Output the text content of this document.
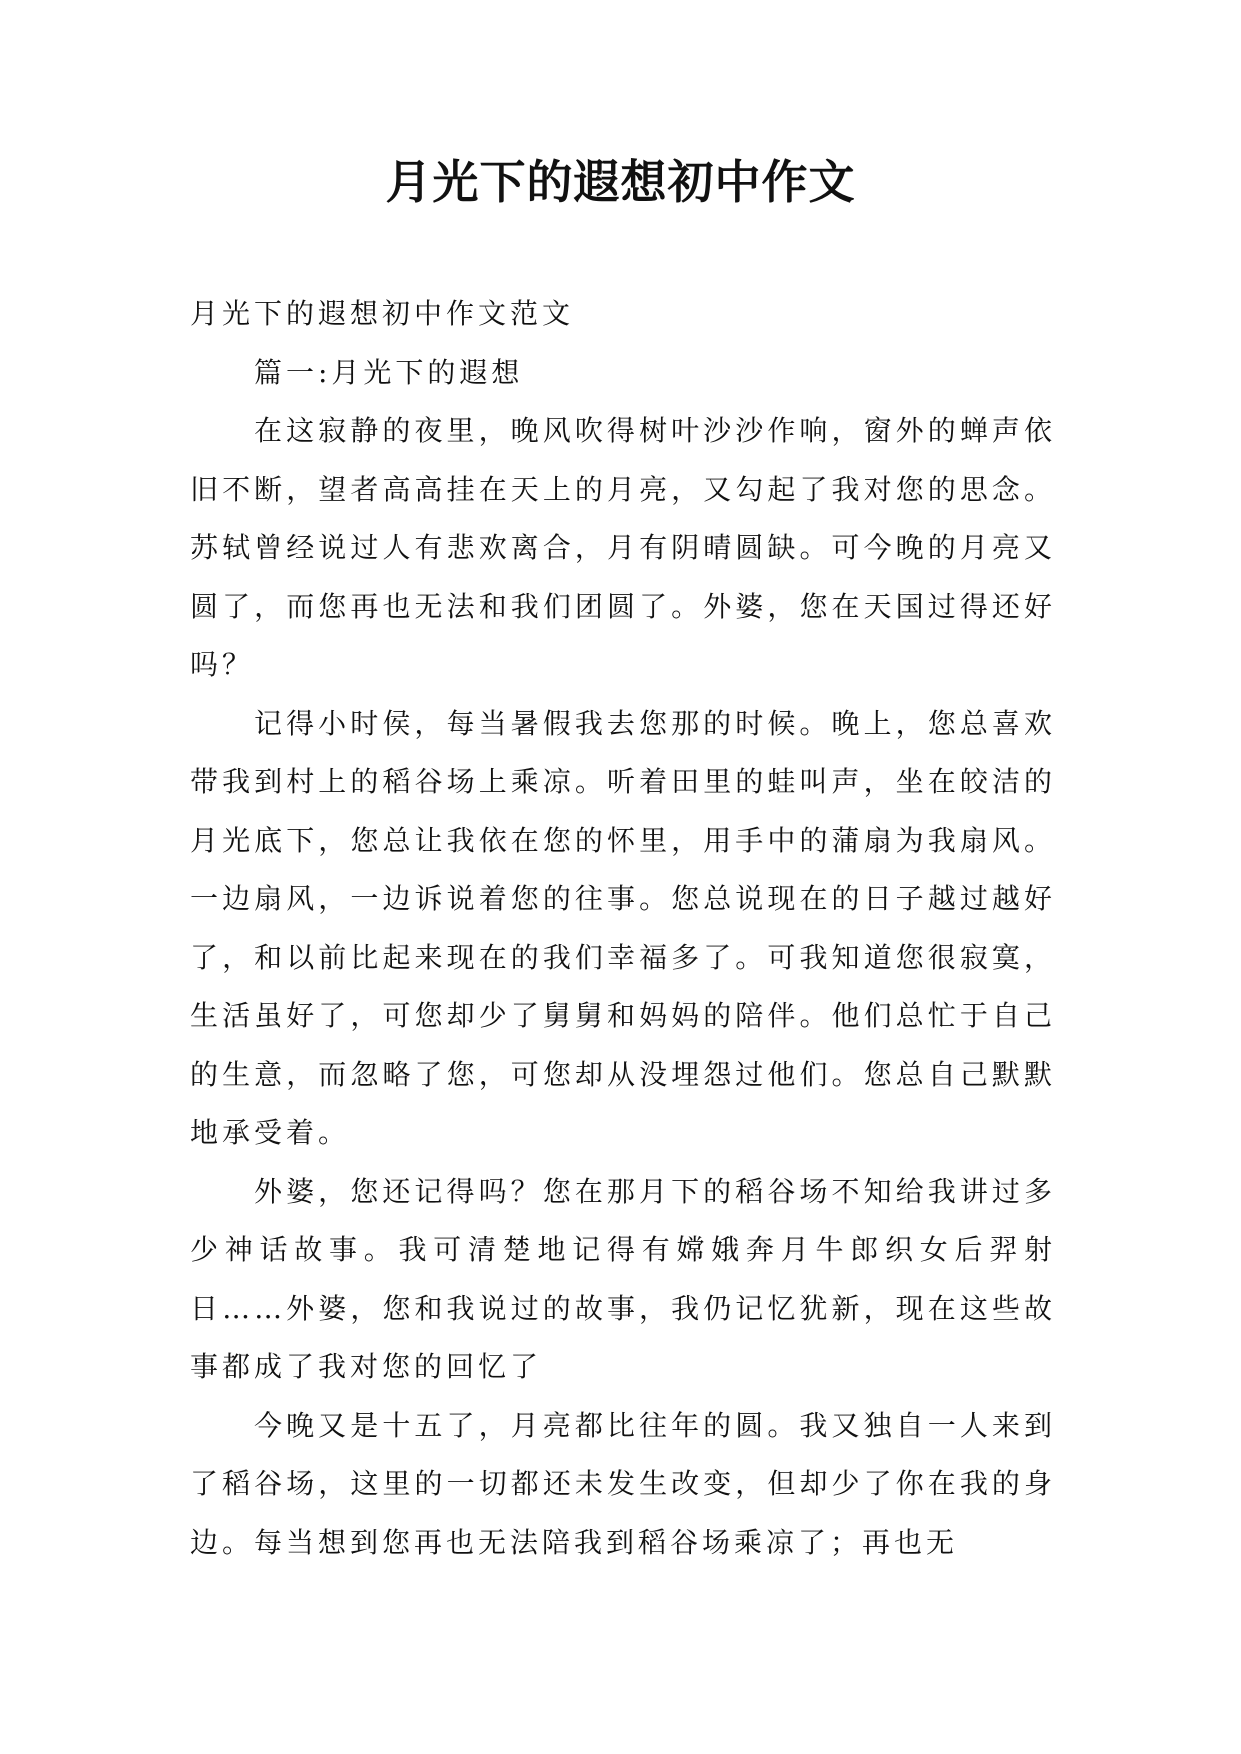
月光下的遐想初中作文

月光下的遐想初中作文范文

篇一:月光下的遐想

在这寂静的夜里，晚风吹得树叶沙沙作响，窗外的蝉声依旧不断，望者高高挂在天上的月亮，又勾起了我对您的思念。苏轼曾经说过人有悲欢离合，月有阴晴圆缺。可今晚的月亮又圆了，而您再也无法和我们团圆了。外婆，您在天国过得还好吗？

记得小时侯，每当暑假我去您那的时候。晚上，您总喜欢带我到村上的稻谷场上乘凉。听着田里的蛙叫声，坐在皎洁的月光底下，您总让我依在您的怀里，用手中的蒲扇为我扇风。一边扇风，一边诉说着您的往事。您总说现在的日子越过越好了，和以前比起来现在的我们幸福多了。可我知道您很寂寞，生活虽好了，可您却少了舅舅和妈妈的陪伴。他们总忙于自己的生意，而忽略了您，可您却从没埋怨过他们。您总自己默默地承受着。

外婆，您还记得吗？您在那月下的稻谷场不知给我讲过多少神话故事。我可清楚地记得有嫦娥奔月牛郎织女后羿射日……外婆，您和我说过的故事，我仍记忆犹新，现在这些故事都成了我对您的回忆了

今晚又是十五了，月亮都比往年的圆。我又独自一人来到了稻谷场，这里的一切都还未发生改变，但却少了你在我的身边。每当想到您再也无法陪我到稻谷场乘凉了；再也无
